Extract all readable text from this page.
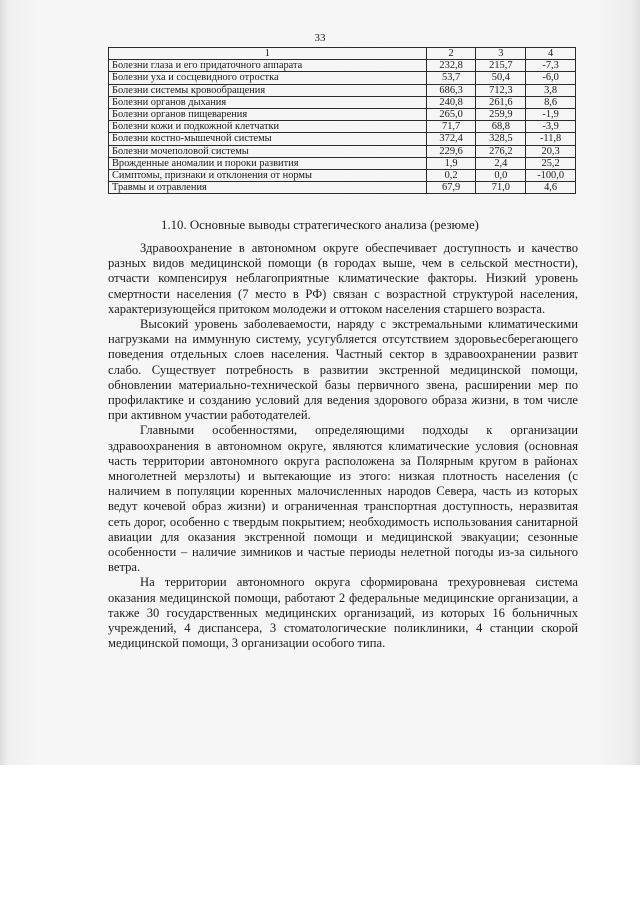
33
1	2	3	4
Болезни глаза и его придаточного аппарата	232,8	215,7	-7,3
Болезни уха и сосцевидного отростка	53,7	50,4	-6,0
Болезни системы кровообращения	686,3	712,3	3,8
Болезни органов дыхания	240,8	261,6	8,6
Болезни органов пищеварения	265,0	259,9	-1,9
Болезни кожи и подкожной клетчатки	71,7	68,8	-3,9
Болезни костно-мышечной системы	372,4	328,5	-11,8
Болезни мочеполовой системы	229,6	276,2	20,3
Врожденные аномалии и пороки развития	1,9	2,4	25,2
Симптомы, признаки и отклонения от нормы	0,2	0,0	-100,0
Травмы и отравления	67,9	71,0	4,6
1.10. Основные выводы стратегического анализа (резюме)

Здравоохранение в автономном округе обеспечивает доступность и качество разных видов медицинской помощи (в городах выше, чем в сельской местности), отчасти компенсируя неблагоприятные климатические факторы. Низкий уровень смертности населения (7 место в РФ) связан с возрастной структурой населения, характеризующейся притоком молодежи и оттоком населения старшего возраста.

Высокий уровень заболеваемости, наряду с экстремальными климатическими нагрузками на иммунную систему, усугубляется отсутствием здоровьесберегающего поведения отдельных слоев населения. Частный сектор в здравоохранении развит слабо. Существует потребность в развитии экстренной медицинской помощи, обновлении материально-технической базы первичного звена, расширении мер по профилактике и созданию условий для ведения здорового образа жизни, в том числе при активном участии работодателей.

Главными особенностями, определяющими подходы к организации здравоохранения в автономном округе, являются климатические условия (основная часть территории автономного округа расположена за Полярным кругом в районах многолетней мерзлоты) и вытекающие из этого: низкая плотность населения (с наличием в популяции коренных малочисленных народов Севера, часть из которых ведут кочевой образ жизни) и ограниченная транспортная доступность, неразвитая сеть дорог, особенно с твердым покрытием; необходимость использования санитарной авиации для оказания экстренной помощи и медицинской эвакуации; сезонные особенности – наличие зимников и частые периоды нелетной погоды из-за сильного ветра.

На территории автономного округа сформирована трехуровневая система оказания медицинской помощи, работают 2 федеральные медицинские организации, а также 30 государственных медицинских организаций, из которых 16 больничных учреждений, 4 диспансера, 3 стоматологические поликлиники, 4 станции скорой медицинской помощи, 3 организации особого типа.
